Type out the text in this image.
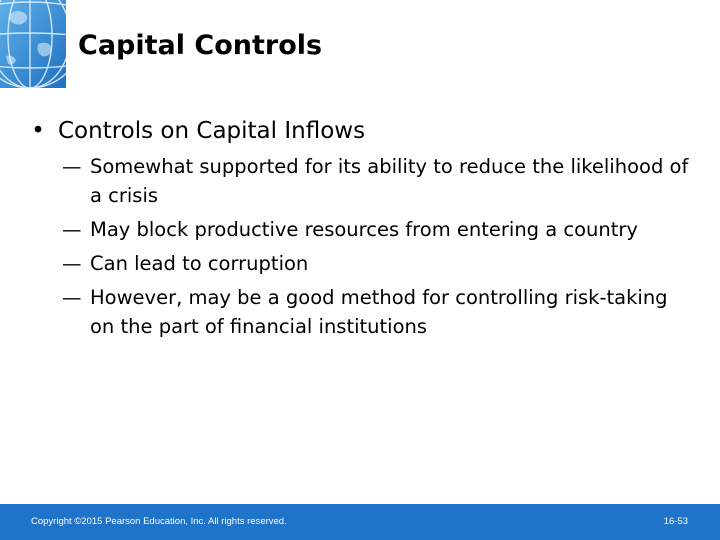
Capital Controls
• Controls on Capital Inflows
— Somewhat supported for its ability to reduce the likelihood of a crisis
— May block productive resources from entering a country
— Can lead to corruption
— However, may be a good method for controlling risk-taking on the part of financial institutions
Copyright ©2015 Pearson Education, Inc. All rights reserved.	16-53
